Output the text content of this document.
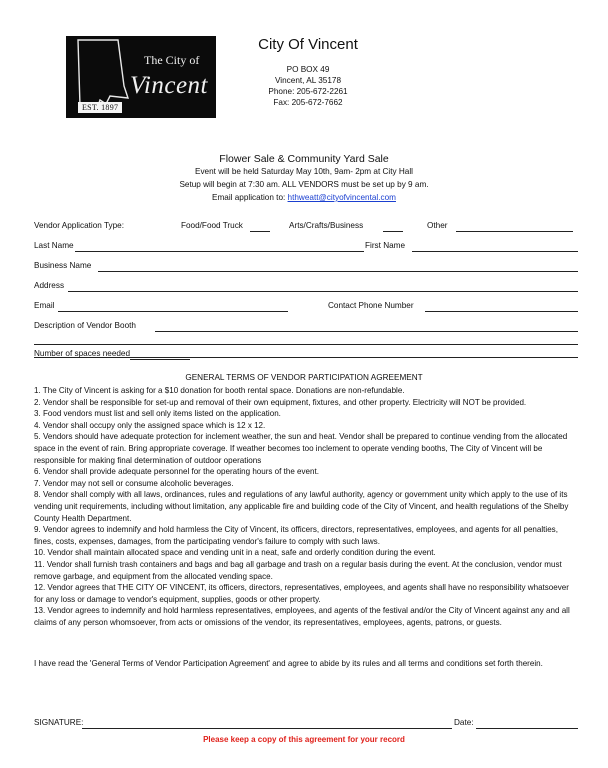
The City of
Vincent
EST. 1897
City Of Vincent
PO BOX 49
Vincent, AL 35178
Phone: 205-672-2261
Fax: 205-672-7662
Flower Sale & Community Yard Sale
Event will be held Saturday May 10th, 9am- 2pm at City Hall
Setup will begin at 7:30 am. ALL VENDORS must be set up by 9 am.
Email application to: hthweatt@cityofvincental.com
Vendor Application Type:	Food/Food Truck	Arts/Crafts/Business	Other
Last Name	First Name
Business Name
Address
Email	Contact Phone Number
Description of Vendor Booth
Number of spaces needed
GENERAL TERMS OF VENDOR PARTICIPATION AGREEMENT

1. The City of Vincent is asking for a $10 donation for booth rental space. Donations are non-refundable.

2. Vendor shall be responsible for set-up and removal of their own equipment, fixtures, and other property. Electricity will NOT be provided.

3. Food vendors must list and sell only items listed on the application.

4. Vendor shall occupy only the assigned space which is 12 x 12.

5. Vendors should have adequate protection for inclement weather, the sun and heat. Vendor shall be prepared to continue vending from the allocated space in the event of rain. Bring appropriate coverage. If weather becomes too inclement to operate vending booths, The City of Vincent will be responsible for making final determination of outdoor operations

6. Vendor shall provide adequate personnel for the operating hours of the event.

7. Vendor may not sell or consume alcoholic beverages.

8. Vendor shall comply with all laws, ordinances, rules and regulations of any lawful authority, agency or government unity which apply to the use of its vending unit requirements, including without limitation, any applicable fire and building code of the City of Vincent, and health regulations of the Shelby County Health Department.

9. Vendor agrees to indemnify and hold harmless the City of Vincent, its officers, directors, representatives, employees, and agents for all penalties, fines, costs, expenses, damages, from the participating vendor's failure to comply with such laws.

10. Vendor shall maintain allocated space and vending unit in a neat, safe and orderly condition during the event.

11. Vendor shall furnish trash containers and bags and bag all garbage and trash on a regular basis during the event. At the conclusion, vendor must remove garbage, and equipment from the allocated vending space.

12. Vendor agrees that THE CITY OF VINCENT, its officers, directors, representatives, employees, and agents shall have no responsibility whatsoever for any loss or damage to vendor's equipment, supplies, goods or other property.

13. Vendor agrees to indemnify and hold harmless representatives, employees, and agents of the festival and/or the City of Vincent against any and all claims of any person whomsoever, from acts or omissions of the vendor, its representatives, employees, agents, patrons, or guests.

I have read the 'General Terms of Vendor Participation Agreement' and agree to abide by its rules and all terms and conditions set forth therein.
SIGNATURE:	Date:
Please keep a copy of this agreement for your record
